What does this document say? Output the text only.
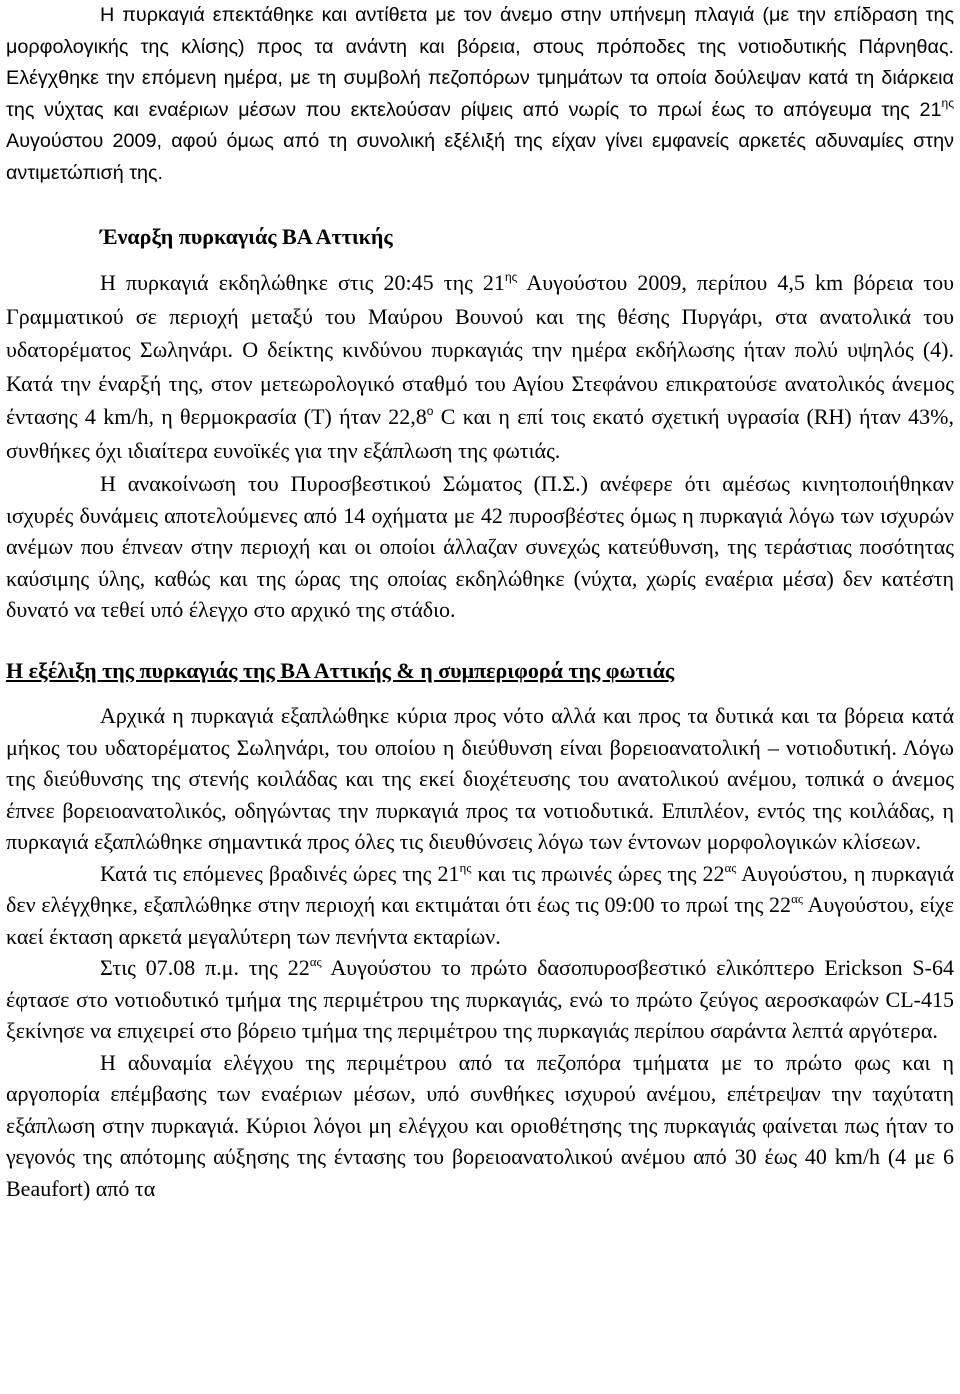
Η πυρκαγιά επεκτάθηκε και αντίθετα με τον άνεμο στην υπήνεμη πλαγιά (με την επίδραση της μορφολογικής της κλίσης) προς τα ανάντη και βόρεια, στους πρόποδες της νοτιοδυτικής Πάρνηθας. Ελέγχθηκε την επόμενη ημέρα, με τη συμβολή πεζοπόρων τμημάτων τα οποία δούλεψαν κατά τη διάρκεια της νύχτας και εναέριων μέσων που εκτελούσαν ρίψεις από νωρίς το πρωί έως το απόγευμα της $21^{\eta\varsigma}$ Αυγούστου 2009, αφού όμως από τη συνολική εξέλιξή της είχαν γίνει εμφανείς αρκετές αδυναμίες στην αντιμετώπισή της.

Έναρξη πυρκαγιάς ΒΑ Αττικής

Η πυρκαγιά εκδηλώθηκε στις 20:45 της $21^{\eta\varsigma}$ Αυγούστου 2009, περίπου 4,5 km βόρεια του Γραμματικού σε περιοχή μεταξύ του Μαύρου Βουνού και της θέσης Πυργάρι, στα ανατολικά του υδατορέματος Σωληνάρι. Ο δείκτης κινδύνου πυρκαγιάς την ημέρα εκδήλωσης ήταν πολύ υψηλός (4). Κατά την έναρξή της, στον μετεωρολογικό σταθμό του Αγίου Στεφάνου επικρατούσε ανατολικός άνεμος έντασης 4 km/h, η θερμοκρασία (T) ήταν 22,8$^o$ C και η επί τοις εκατό σχετική υγρασία (RH) ήταν 43%, συνθήκες όχι ιδιαίτερα ευνοϊκές για την εξάπλωση της φωτιάς.

Η ανακοίνωση του Πυροσβεστικού Σώματος (Π.Σ.) ανέφερε ότι αμέσως κινητοποιήθηκαν ισχυρές δυνάμεις αποτελούμενες από 14 οχήματα με 42 πυροσβέστες όμως η πυρκαγιά λόγω των ισχυρών ανέμων που έπνεαν στην περιοχή και οι οποίοι άλλαζαν συνεχώς κατεύθυνση, της τεράστιας ποσότητας καύσιμης ύλης, καθώς και της ώρας της οποίας εκδηλώθηκε (νύχτα, χωρίς εναέρια μέσα) δεν κατέστη δυνατό να τεθεί υπό έλεγχο στο αρχικό της στάδιο.

Η εξέλιξη της πυρκαγιάς της ΒΑ Αττικής & η συμπεριφορά της φωτιάς

Αρχικά η πυρκαγιά εξαπλώθηκε κύρια προς νότο αλλά και προς τα δυτικά και τα βόρεια κατά μήκος του υδατορέματος Σωληνάρι, του οποίου η διεύθυνση είναι βορειοανατολική – νοτιοδυτική. Λόγω της διεύθυνσης της στενής κοιλάδας και της εκεί διοχέτευσης του ανατολικού ανέμου, τοπικά ο άνεμος έπνεε βορειοανατολικός, οδηγώντας την πυρκαγιά προς τα νοτιοδυτικά. Επιπλέον, εντός της κοιλάδας, η πυρκαγιά εξαπλώθηκε σημαντικά προς όλες τις διευθύνσεις λόγω των έντονων μορφολογικών κλίσεων.

Κατά τις επόμενες βραδινές ώρες της $21^{\eta\varsigma}$ και τις πρωινές ώρες της $22^{\alpha\varsigma}$ Αυγούστου, η πυρκαγιά δεν ελέγχθηκε, εξαπλώθηκε στην περιοχή και εκτιμάται ότι έως τις 09:00 το πρωί της $22^{\alpha\varsigma}$ Αυγούστου, είχε καεί έκταση αρκετά μεγαλύτερη των πενήντα εκταρίων.

Στις 07.08 π.μ. της $22^{\alpha\varsigma}$ Αυγούστου το πρώτο δασοπυροσβεστικό ελικόπτερο Erickson S-64 έφτασε στο νοτιοδυτικό τμήμα της περιμέτρου της πυρκαγιάς, ενώ το πρώτο ζεύγος αεροσκαφών CL-415 ξεκίνησε να επιχειρεί στο βόρειο τμήμα της περιμέτρου της πυρκαγιάς περίπου σαράντα λεπτά αργότερα.

Η αδυναμία ελέγχου της περιμέτρου από τα πεζοπόρα τμήματα με το πρώτο φως και η αργοπορία επέμβασης των εναέριων μέσων, υπό συνθήκες ισχυρού ανέμου, επέτρεψαν την ταχύτατη εξάπλωση στην πυρκαγιά. Κύριοι λόγοι μη ελέγχου και οριοθέτησης της πυρκαγιάς φαίνεται πως ήταν το γεγονός της απότομης αύξησης της έντασης του βορειοανατολικού ανέμου από 30 έως 40 km/h (4 με 6 Beaufort) από τα
